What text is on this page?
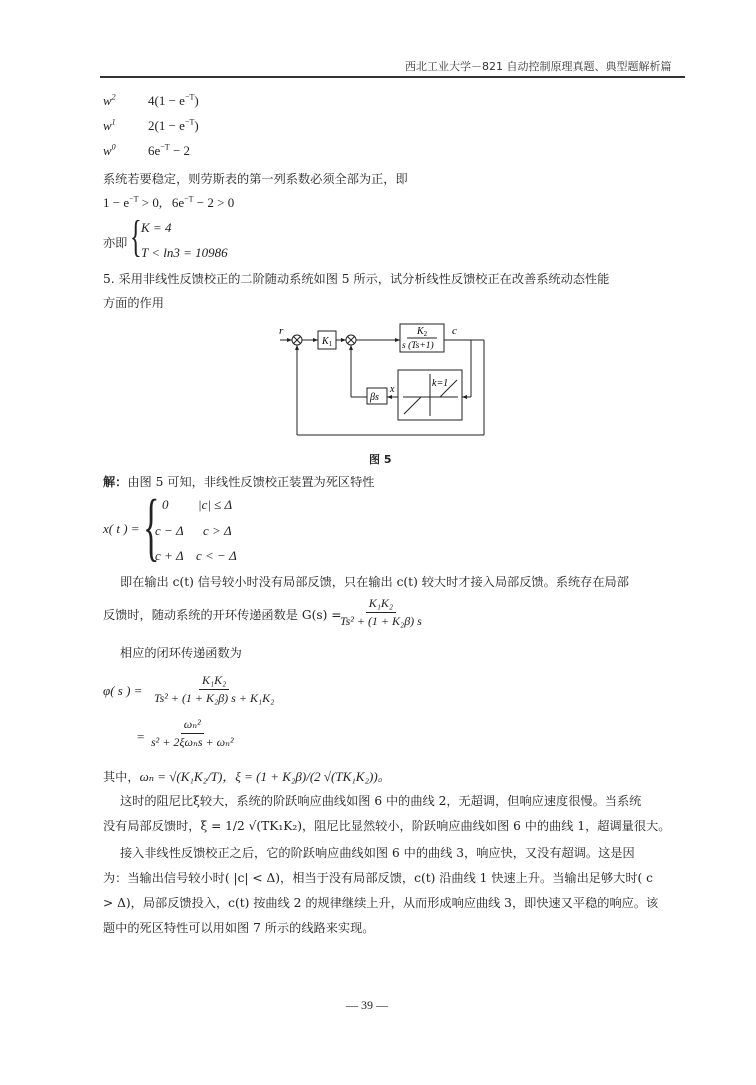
西北工业大学－821 自动控制原理真题、典型题解析篇
$w^2$ $4(1 - e^{-T})$
$w^1$ $2(1 - e^{-T})$
$w^0$ $6e^{-T} - 2$
系统若要稳定，则劳斯表的第一列系数必须全部为正，即
$1 - e^{-T} > 0$, $6e^{-T} - 2 > 0$
亦即 { K = 4
T < ln3 = 10986
5. 采用非线性反馈校正的二阶随动系统如图 5 所示，试分析线性反馈校正在改善系统动态性能
方面的作用
r	c
$K_1$
$K_2$
s (Ts+1)
βs
x
k=1
图 5
解：由图 5 可知，非线性反馈校正装置为死区特性
x( t ) = { 0 |c| ≤ Δ
c − Δ c > Δ
c + Δ c < − Δ
即在输出 c(t) 信号较小时没有局部反馈，只在输出 c(t) 较大时才接入局部反馈。系统存在局部
反馈时，随动系统的开环传递函数是 G(s) =
$\frac{\text{K₁K₂}}{\text{Ts² + (1 + K₂β) s}}$
相应的闭环传递函数为
φ( s ) = $\frac{\text{K₁K₂}}{\text{Ts² + (1 + K₂β) s + K₁K₂}}$
=
ωₙ²
s² + 2ξωₙs + ωₙ²
其中，ωₙ = √(K₁K₂/T)，ξ = (1 + K₂β)/(2 √(TK₁K₂))。
这时的阻尼比ξ较大，系统的阶跃响应曲线如图 6 中的曲线 2，无超调，但响应速度很慢。当系统
没有局部反馈时，ξ = 1/2 √(TK₁K₂)，阻尼比显然较小，阶跃响应曲线如图 6 中的曲线 1，超调量很大。
接入非线性反馈校正之后，它的阶跃响应曲线如图 6 中的曲线 3，响应快，又没有超调。这是因
为：当输出信号较小时( |c| < Δ)，相当于没有局部反馈，c(t) 沿曲线 1 快速上升。当输出足够大时( c
> Δ)，局部反馈投入，c(t) 按曲线 2 的规律继续上升，从而形成响应曲线 3，即快速又平稳的响应。该
题中的死区特性可以用如图 7 所示的线路来实现。
— 39 —
